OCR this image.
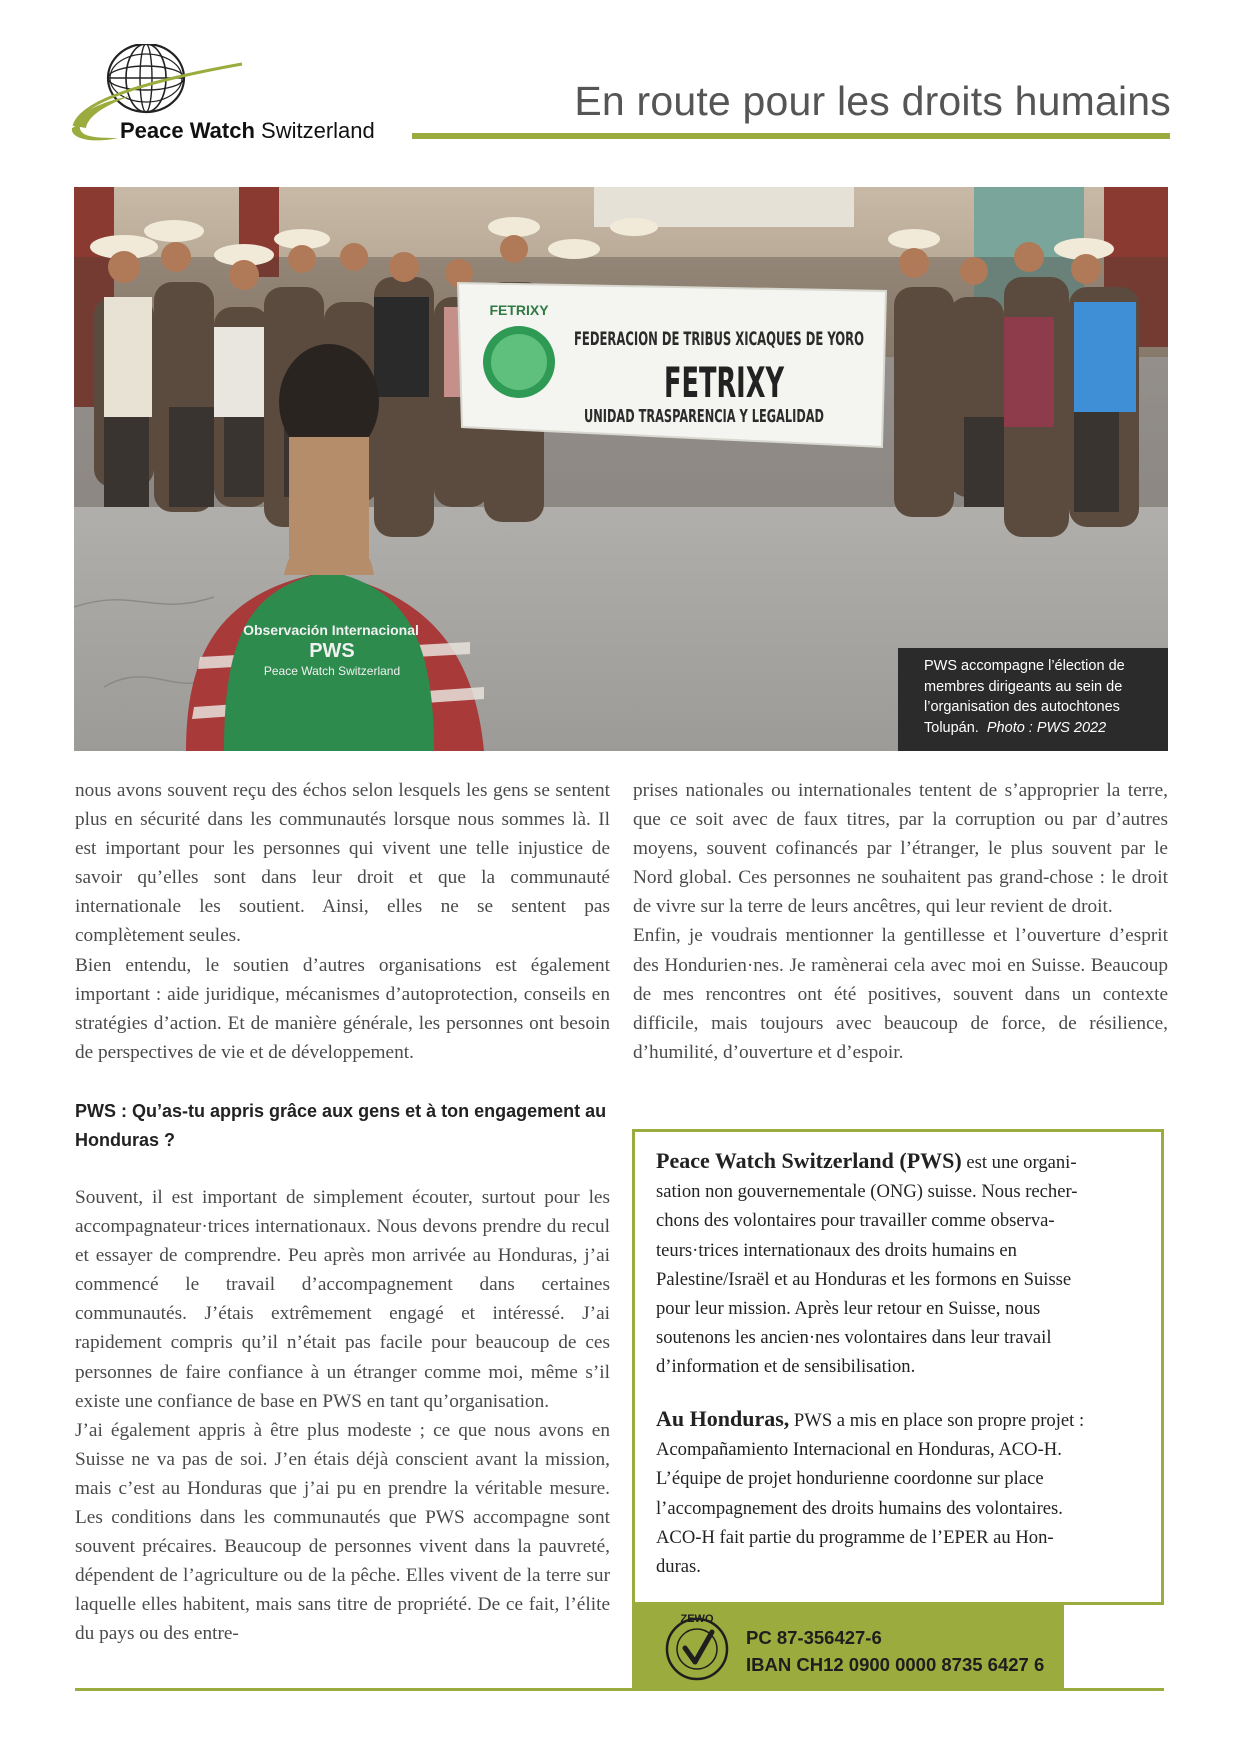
Peace Watch Switzerland
En route pour les droits humains
FETRIXY
FEDERACION DE TRIBUS XICAQUES DE YORO
FETRIXY
UNIDAD TRASPARENCIA Y LEGALIDAD
Observación Internacional
PWS
Peace Watch Switzerland	PWS accompagne l’élection de membres dirigeants au sein de l’organisation des autochtones Tolupán. Photo : PWS 2022

nous avons souvent reçu des échos selon lesquels les gens se sentent plus en sécurité dans les communautés lorsque nous sommes là. Il est important pour les personnes qui vivent une telle injustice de savoir qu’elles sont dans leur droit et que la communauté internationale les soutient. Ainsi, elles ne se sentent pas complètement seules.

Bien entendu, le soutien d’autres organisations est également important : aide juridique, mécanismes d’autoprotection, conseils en stratégies d’action. Et de manière générale, les personnes ont besoin de perspectives de vie et de développement.

PWS : Qu’as-tu appris grâce aux gens et à ton engagement au Honduras ?

Souvent, il est important de simplement écouter, surtout pour les accompagnateur·trices internationaux. Nous devons prendre du recul et essayer de comprendre. Peu après mon arrivée au Honduras, j’ai commencé le travail d’accompagnement dans certaines communautés. J’étais extrêmement engagé et intéressé. J’ai rapidement compris qu’il n’était pas facile pour beaucoup de ces personnes de faire confiance à un étranger comme moi, même s’il existe une confiance de base en PWS en tant qu’organisation.

J’ai également appris à être plus modeste ; ce que nous avons en Suisse ne va pas de soi. J’en étais déjà conscient avant la mission, mais c’est au Honduras que j’ai pu en prendre la véritable mesure. Les conditions dans les communautés que PWS accompagne sont souvent précaires. Beaucoup de personnes vivent dans la pauvreté, dépendent de l’agriculture ou de la pêche. Elles vivent de la terre sur laquelle elles habitent, mais sans titre de propriété. De ce fait, l’élite du pays ou des entre-

prises nationales ou internationales tentent de s’approprier la terre, que ce soit avec de faux titres, par la corruption ou par d’autres moyens, souvent cofinancés par l’étranger, le plus souvent par le Nord global. Ces personnes ne souhaitent pas grand-chose : le droit de vivre sur la terre de leurs ancêtres, qui leur revient de droit.

Enfin, je voudrais mentionner la gentillesse et l’ouverture d’esprit des Hondurien·nes. Je ramènerai cela avec moi en Suisse. Beaucoup de mes rencontres ont été positives, souvent dans un contexte difficile, mais toujours avec beaucoup de force, de résilience, d’humilité, d’ouverture et d’espoir.

Peace Watch Switzerland (PWS) est une organi-
sation non gouvernementale (ONG) suisse. Nous recher-
chons des volontaires pour travailler comme observa-
teurs·trices internationaux des droits humains en
Palestine/Israël et au Honduras et les formons en Suisse
pour leur mission. Après leur retour en Suisse, nous
soutenons les ancien·nes volontaires dans leur travail
d’information et de sensibilisation.
Au Honduras, PWS a mis en place son propre projet :
Acompañamiento Internacional en Honduras, ACO-H.
L’équipe de projet hondurienne coordonne sur place
l’accompagnement des droits humains des volontaires.
ACO-H fait partie du programme de l’EPER au Hon-
duras.
ZEWO
PC 87-356427-6
IBAN CH12 0900 0000 8735 6427 6
